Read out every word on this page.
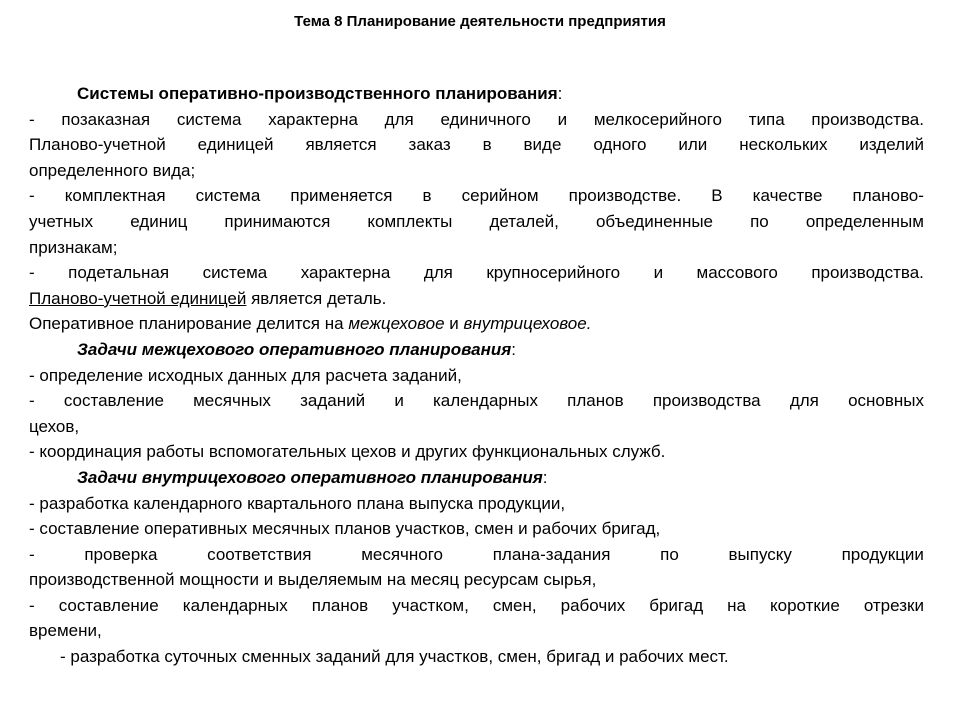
Тема 8 Планирование деятельности предприятия
Системы оперативно-производственного планирования:
- позаказная система характерна для единичного и мелкосерийного типа производства.
Планово-учетной единицей является заказ в виде одного или нескольких изделий
определенного вида;
- комплектная система применяется в серийном производстве. В качестве планово-
учетных единиц принимаются комплекты деталей, объединенные по определенным
признакам;
- подетальная система характерна для крупносерийного и массового производства.
Планово-учетной единицей является деталь.
Оперативное планирование делится на межцеховое и внутрицеховое.
Задачи межцехового оперативного планирования:
- определение исходных данных для расчета заданий,
- составление месячных заданий и календарных планов производства для основных
цехов,
- координация работы вспомогательных цехов и других функциональных служб.
Задачи внутрицехового оперативного планирования:
- разработка календарного квартального плана выпуска продукции,
- составление оперативных месячных планов участков, смен и рабочих бригад,
-	проверка	соответствия	месячного	плана-задания	по	выпуску	продукции
производственной мощности и выделяемым на месяц ресурсам сырья,
- составление календарных планов участком, смен, рабочих бригад на короткие отрезки
времени,
- разработка суточных сменных заданий для участков, смен, бригад и рабочих мест.
